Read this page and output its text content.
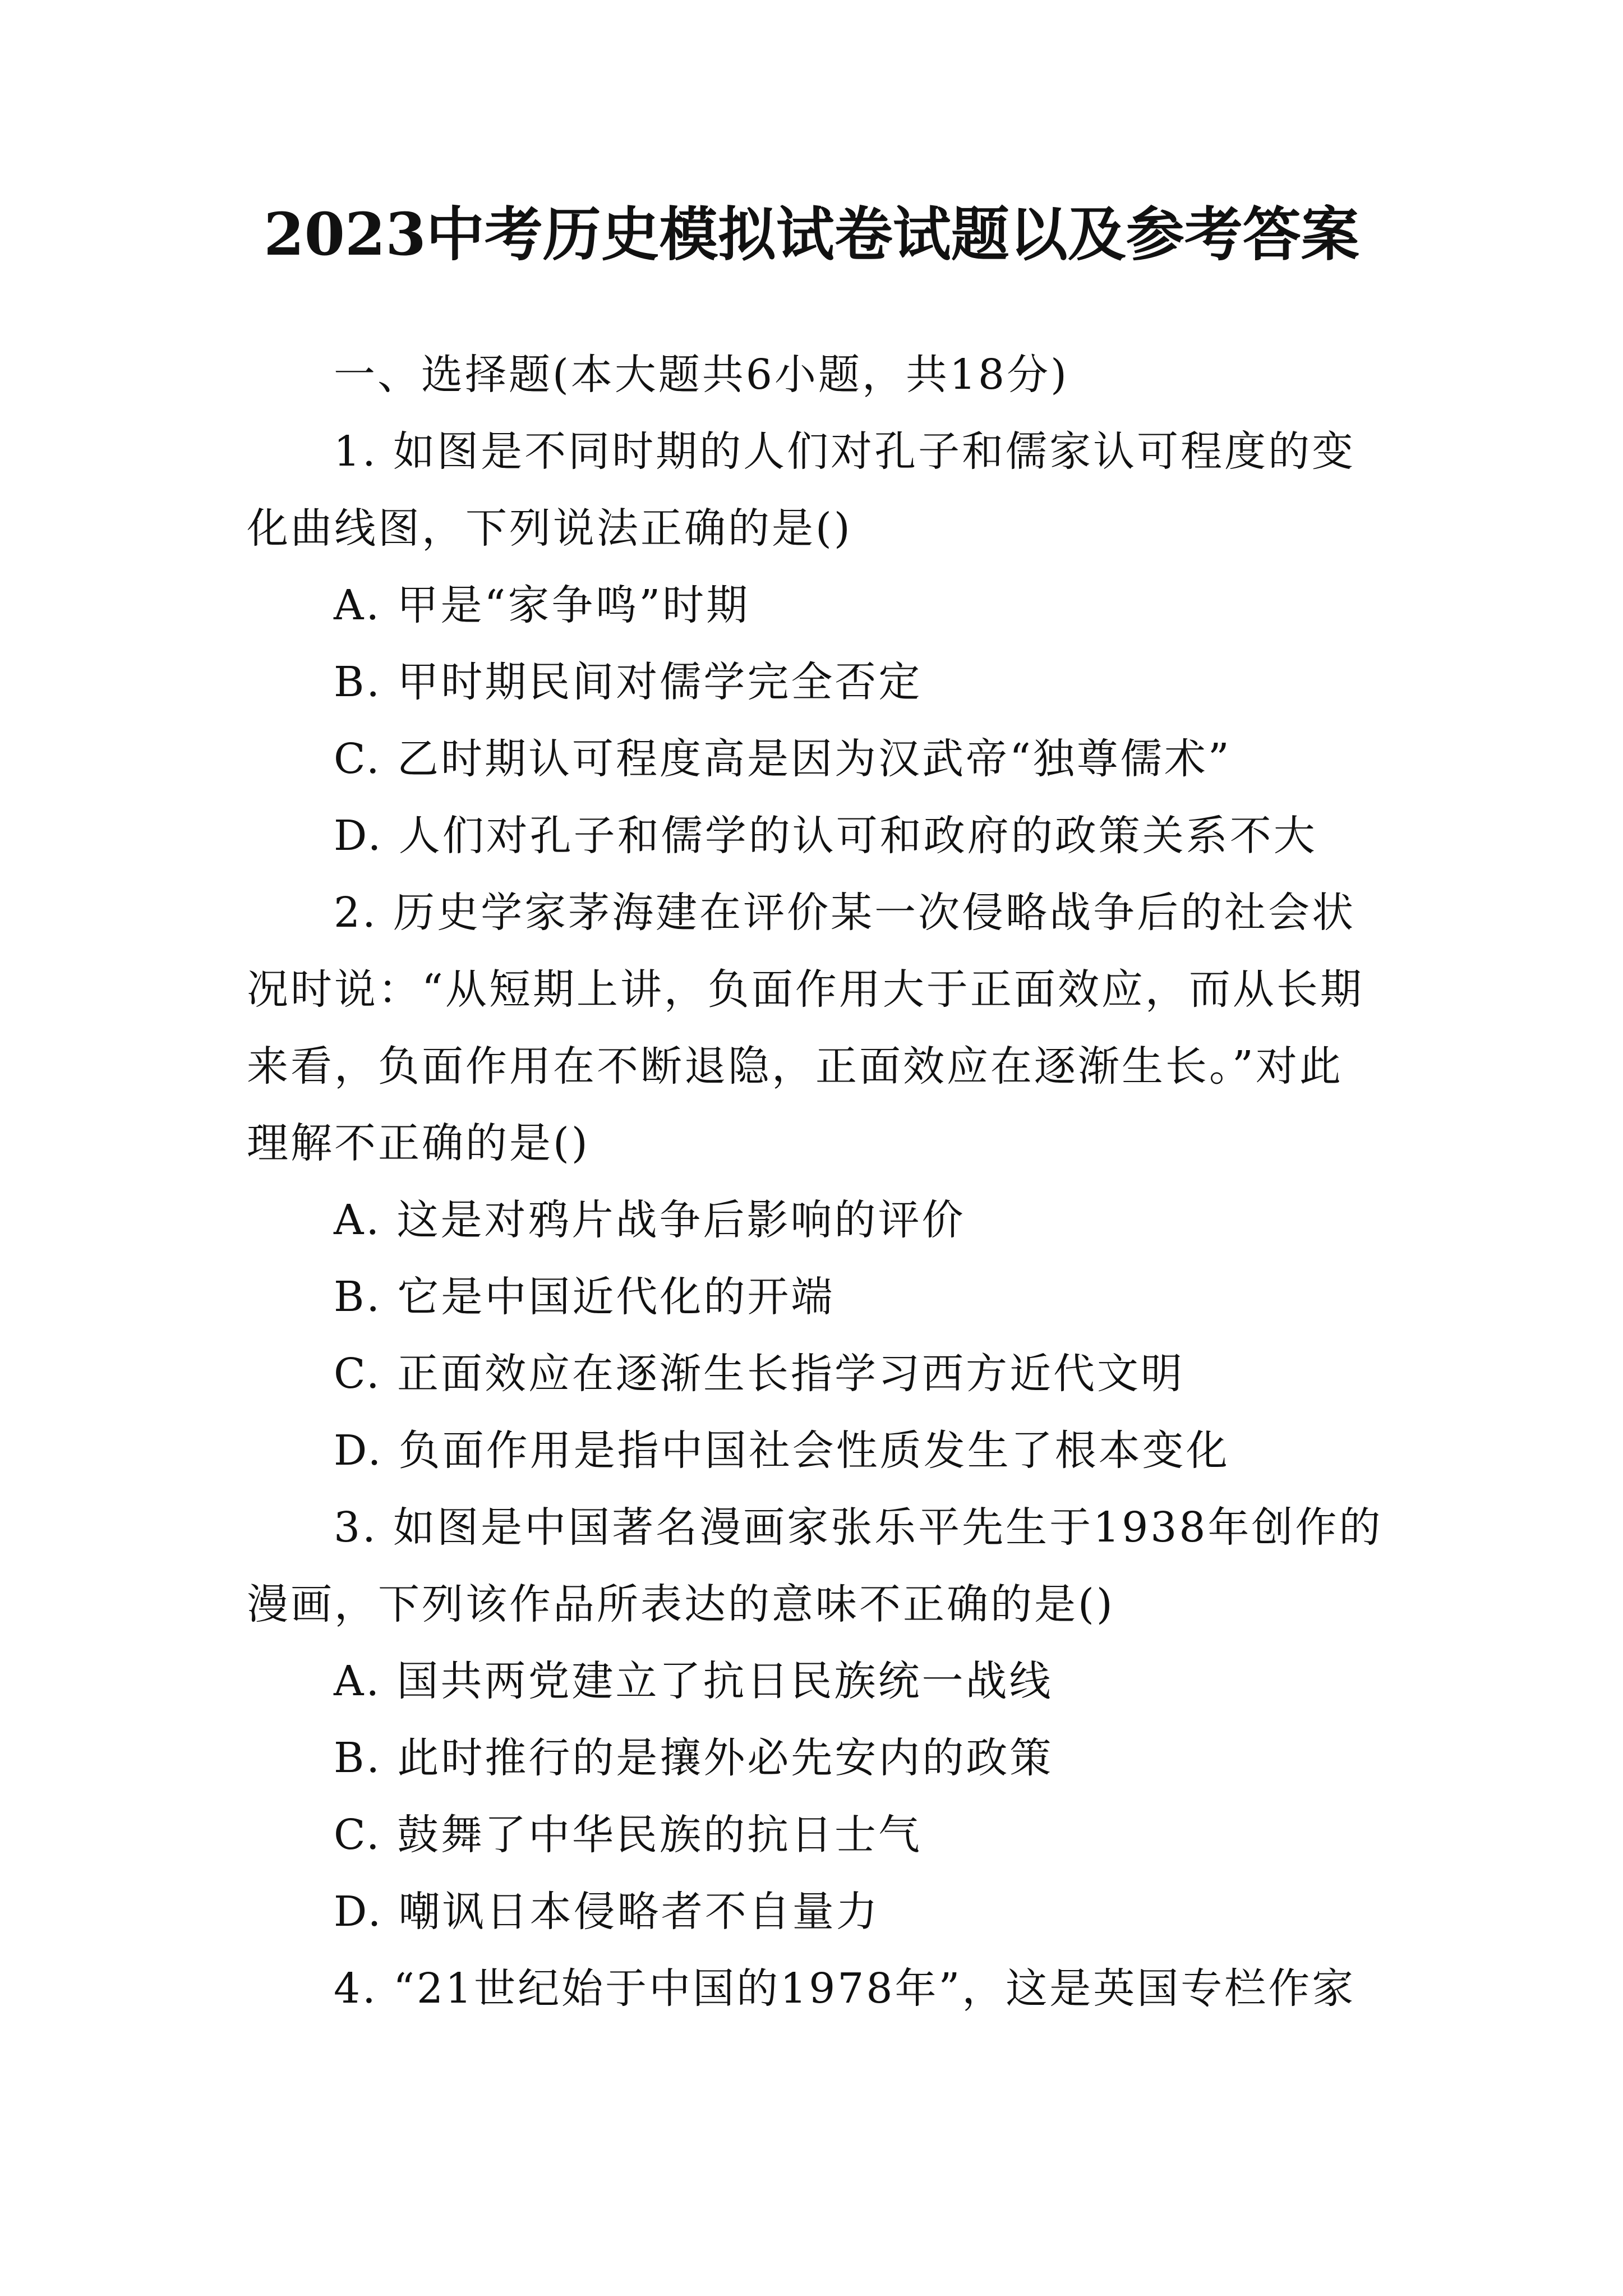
2023中考历史模拟试卷试题以及参考答案
一、选择题(本大题共6小题，共18分)
1. 如图是不同时期的人们对孔子和儒家认可程度的变
化曲线图，下列说法正确的是()
A. 甲是“家争鸣”时期
B. 甲时期民间对儒学完全否定
C. 乙时期认可程度高是因为汉武帝“独尊儒术”
D. 人们对孔子和儒学的认可和政府的政策关系不大
2. 历史学家茅海建在评价某一次侵略战争后的社会状
况时说：“从短期上讲，负面作用大于正面效应，而从长期
来看，负面作用在不断退隐，正面效应在逐渐生长。”对此
理解不正确的是()
A. 这是对鸦片战争后影响的评价
B. 它是中国近代化的开端
C. 正面效应在逐渐生长指学习西方近代文明
D. 负面作用是指中国社会性质发生了根本变化
3. 如图是中国著名漫画家张乐平先生于1938年创作的
漫画，下列该作品所表达的意味不正确的是()
A. 国共两党建立了抗日民族统一战线
B. 此时推行的是攘外必先安内的政策
C. 鼓舞了中华民族的抗日士气
D. 嘲讽日本侵略者不自量力
4. “21世纪始于中国的1978年”，这是英国专栏作家
